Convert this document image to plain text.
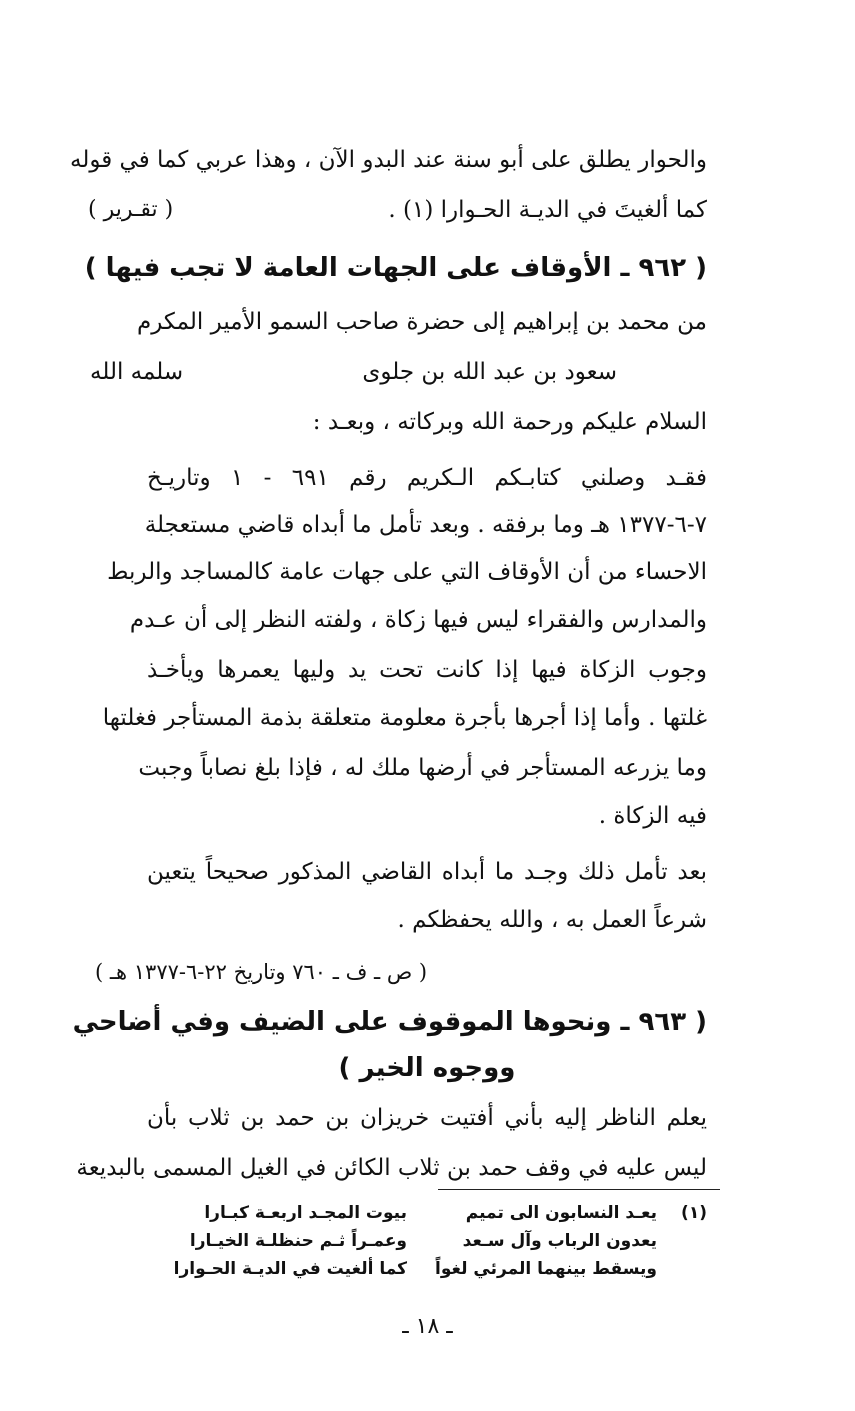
والحوار يطلق على أبو سنة عند البدو الآن ، وهذا عربي كما في قوله
كما ألغيتَ في الديـة الحـوارا (١) .
( تقـرير )
( ٩٦٢ ـ الأوقاف على الجهات العامة لا تجب فيها )
من محمد بن إبراهيم إلى حضرة صاحب السمو الأمير المكرم
سعود بن عبد الله بن جلوى
سلمه الله
السلام عليكم ورحمة الله وبركاته ، وبعـد :
فقـد وصلني كتابـكم الـكريم رقم ٦٩١ - ١ وتاريـخ
٧-٦-١٣٧٧ هـ وما برفقه . وبعد تأمل ما أبداه قاضي مستعجلة
الاحساء من أن الأوقاف التي على جهات عامة كالمساجد والربط
والمدارس والفقراء ليس فيها زكاة ، ولفته النظر إلى أن عـدم
وجوب الزكاة فيها إذا كانت تحت يد وليها يعمرها ويأخـذ
غلتها . وأما إذا أجرها بأجرة معلومة متعلقة بذمة المستأجر فغلتها
وما يزرعه المستأجر في أرضها ملك له ، فإذا بلغ نصاباً وجبت
فيه الزكاة .
بعد تأمل ذلك وجـد ما أبداه القاضي المذكور صحيحاً يتعين
شرعاً العمل به ، والله يحفظكم .
( ص ـ ف ـ ٧٦٠ وتاريخ ٢٢-٦-١٣٧٧ هـ )
( ٩٦٣ ـ ونحوها الموقوف على الضيف وفي أضاحي
ووجوه الخير )
يعلم الناظر إليه بأني أفتيت خريزان بن حمد بن ثلاب بأن
ليس عليه في وقف حمد بن ثلاب الكائن في الغيل المسمى بالبديعة
(١)
يعـد النسابون الى تميم
بيوت المجـد اربعـة كبـارا
يعدون الرباب وآل سـعد
وعمـراً ثـم حنظلـة الخيـارا
ويسقط بينهما المرئي لغواً
كما ألغيت في الديـة الحـوارا
ـ ١٨ ـ
